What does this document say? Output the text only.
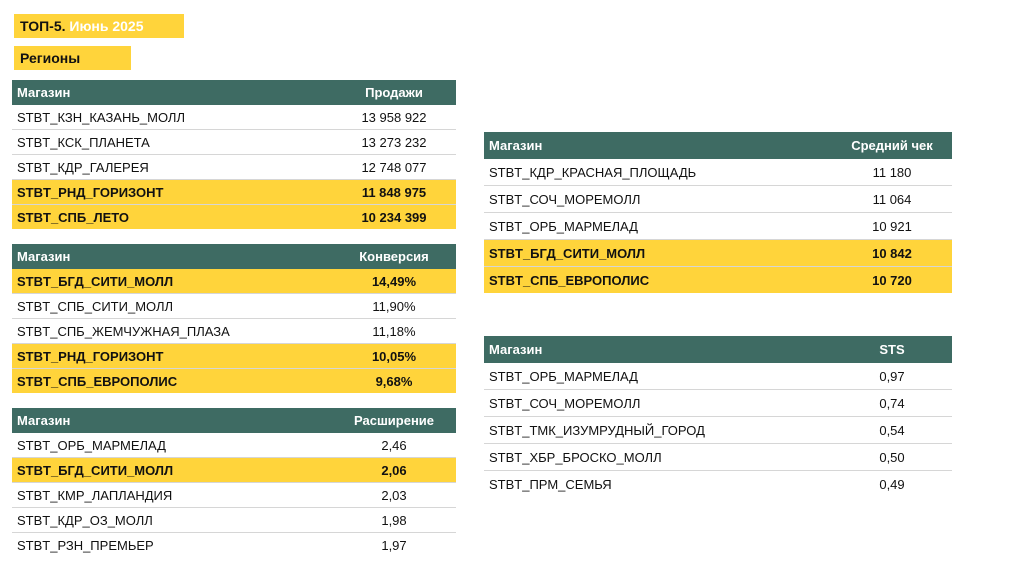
ТОП-5. Июнь 2025
Регионы
Магазин	Продажи
STBT_КЗН_КАЗАНЬ_МОЛЛ	13 958 922
STBT_КСК_ПЛАНЕТА	13 273 232
STBT_КДР_ГАЛЕРЕЯ	12 748 077
STBT_РНД_ГОРИЗОНТ	11 848 975
STBT_СПБ_ЛЕТО	10 234 399
Магазин	Конверсия
STBT_БГД_СИТИ_МОЛЛ	14,49%
STBT_СПБ_СИТИ_МОЛЛ	11,90%
STBT_СПБ_ЖЕМЧУЖНАЯ_ПЛАЗА	11,18%
STBT_РНД_ГОРИЗОНТ	10,05%
STBT_СПБ_ЕВРОПОЛИС	9,68%
Магазин	Расширение
STBT_ОРБ_МАРМЕЛАД	2,46
STBT_БГД_СИТИ_МОЛЛ	2,06
STBT_КМР_ЛАПЛАНДИЯ	2,03
STBT_КДР_ОЗ_МОЛЛ	1,98
STBT_РЗН_ПРЕМЬЕР	1,97
Магазин	Средний чек
STBT_КДР_КРАСНАЯ_ПЛОЩАДЬ	11 180
STBT_СОЧ_МОРЕМОЛЛ	11 064
STBT_ОРБ_МАРМЕЛАД	10 921
STBT_БГД_СИТИ_МОЛЛ	10 842
STBT_СПБ_ЕВРОПОЛИС	10 720
Магазин	STS
STBT_ОРБ_МАРМЕЛАД	0,97
STBT_СОЧ_МОРЕМОЛЛ	0,74
STBT_ТМК_ИЗУМРУДНЫЙ_ГОРОД	0,54
STBT_ХБР_БРОСКО_МОЛЛ	0,50
STBT_ПРМ_СЕМЬЯ	0,49
